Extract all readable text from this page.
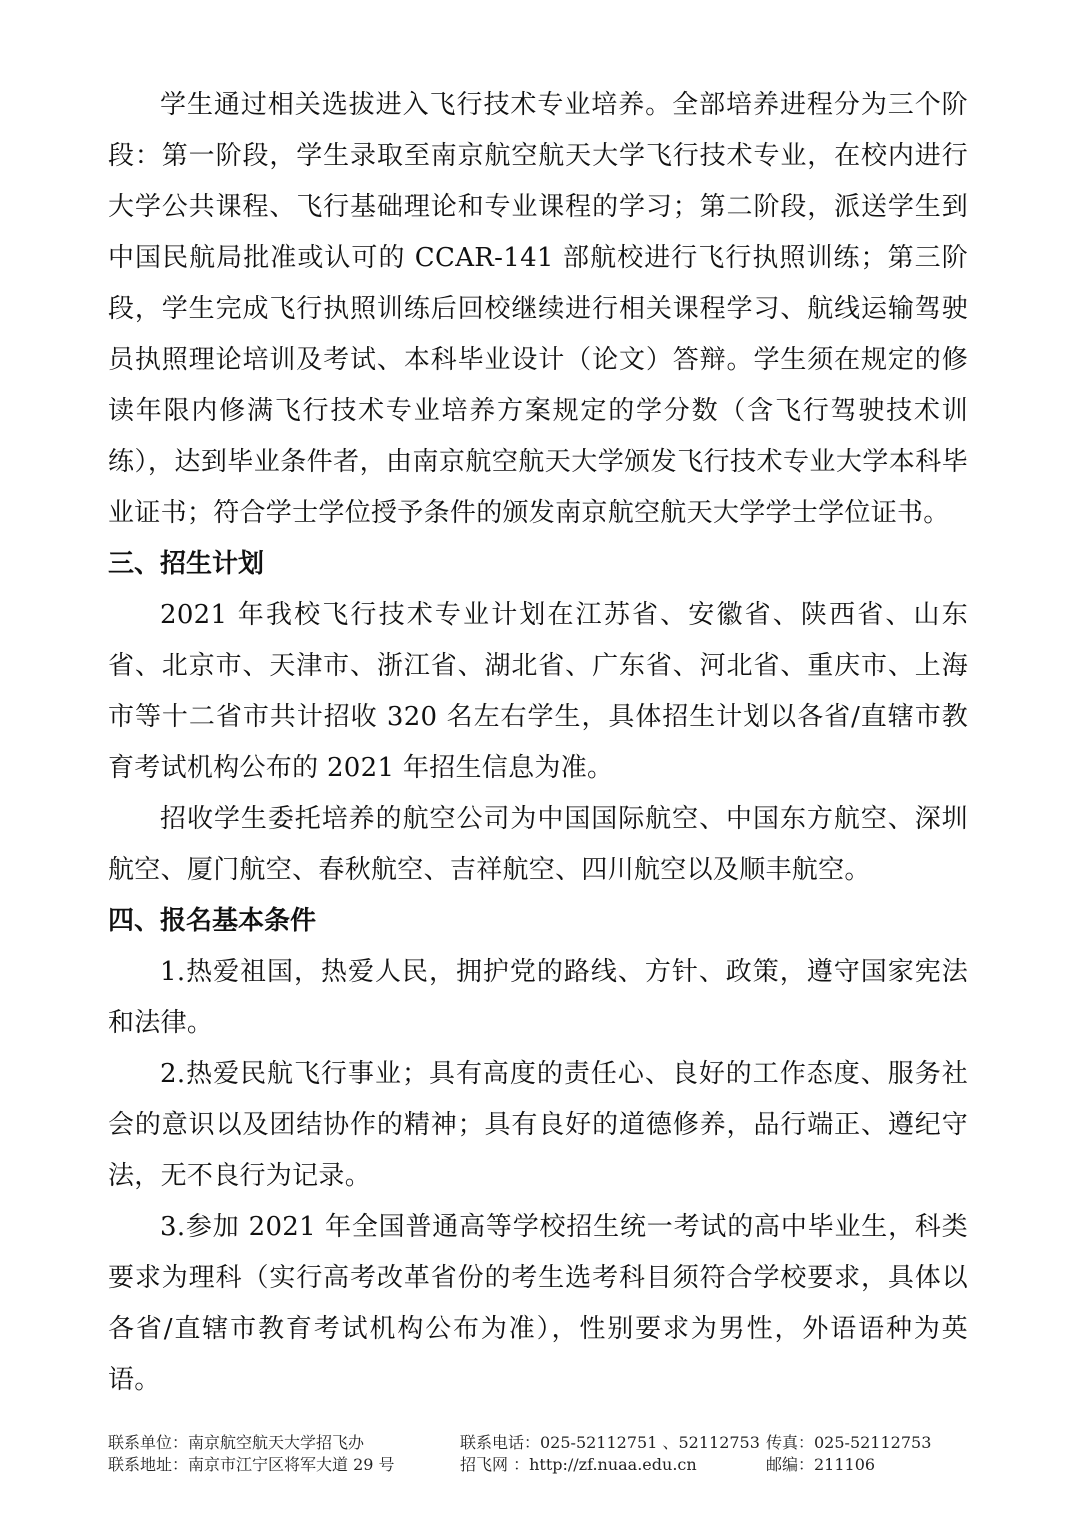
学生通过相关选拔进入飞行技术专业培养。全部培养进程分为三个阶段：第一阶段，学生录取至南京航空航天大学飞行技术专业，在校内进行大学公共课程、飞行基础理论和专业课程的学习；第二阶段，派送学生到中国民航局批准或认可的 CCAR-141 部航校进行飞行执照训练；第三阶段，学生完成飞行执照训练后回校继续进行相关课程学习、航线运输驾驶员执照理论培训及考试、本科毕业设计（论文）答辩。学生须在规定的修读年限内修满飞行技术专业培养方案规定的学分数（含飞行驾驶技术训练），达到毕业条件者，由南京航空航天大学颁发飞行技术专业大学本科毕业证书；符合学士学位授予条件的颁发南京航空航天大学学士学位证书。

三、招生计划

2021 年我校飞行技术专业计划在江苏省、安徽省、陕西省、山东省、北京市、天津市、浙江省、湖北省、广东省、河北省、重庆市、上海市等十二省市共计招收 320 名左右学生，具体招生计划以各省/直辖市教育考试机构公布的 2021 年招生信息为准。

招收学生委托培养的航空公司为中国国际航空、中国东方航空、深圳航空、厦门航空、春秋航空、吉祥航空、四川航空以及顺丰航空。

四、报名基本条件

1.热爱祖国，热爱人民，拥护党的路线、方针、政策，遵守国家宪法和法律。

2.热爱民航飞行事业；具有高度的责任心、良好的工作态度、服务社会的意识以及团结协作的精神；具有良好的道德修养，品行端正、遵纪守法，无不良行为记录。

3.参加 2021 年全国普通高等学校招生统一考试的高中毕业生，科类要求为理科（实行高考改革省份的考生选考科目须符合学校要求，具体以各省/直辖市教育考试机构公布为准），性别要求为男性，外语语种为英语。

联系单位：南京航空航天大学招飞办	联系电话：025-52112751 、52112753 传真：025-52112753
联系地址：南京市江宁区将军大道 29 号	招飞网 ：http://zf.nuaa.edu.cn	邮编：211106
